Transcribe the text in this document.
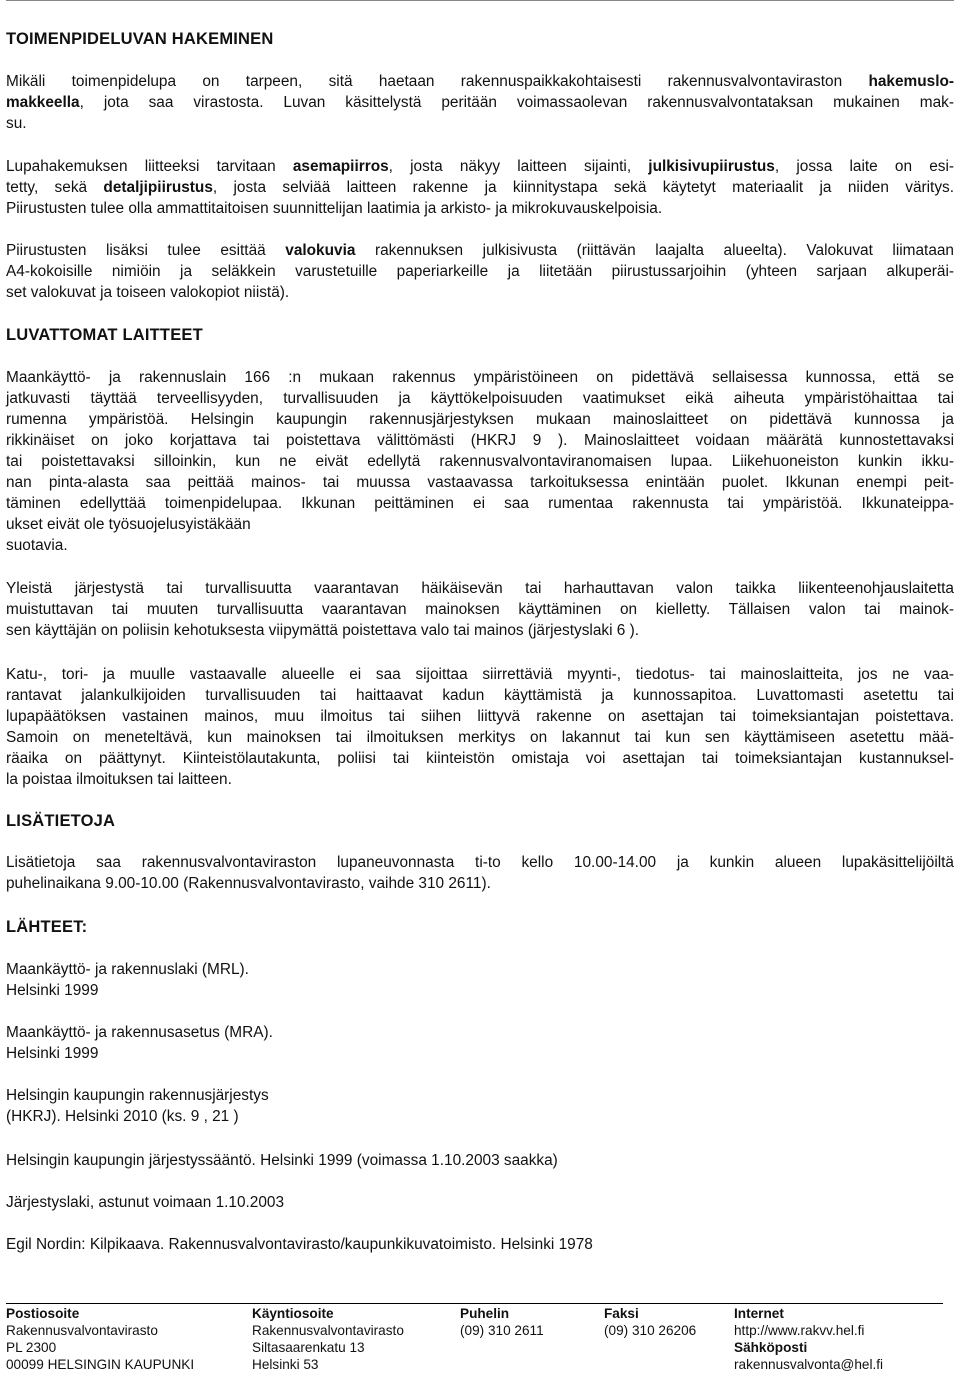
TOIMENPIDELUVAN HAKEMINEN

Mikäli toimenpidelupa on tarpeen, sitä haetaan rakennuspaikkakohtaisesti rakennusvalvontaviraston hakemuslo-
makkeella, jota saa virastosta. Luvan käsittelystä peritään voimassaolevan rakennusvalvontataksan mukainen mak-
su.

Lupahakemuksen liitteeksi tarvitaan asemapiirros, josta näkyy laitteen sijainti, julkisivupiirustus, jossa laite on esi-
tetty, sekä detaljipiirustus, josta selviää laitteen rakenne ja kiinnitystapa sekä käytetyt materiaalit ja niiden väritys.
Piirustusten tulee olla ammattitaitoisen suunnittelijan laatimia ja arkisto- ja mikrokuvauskelpoisia.

Piirustusten lisäksi tulee esittää valokuvia rakennuksen julkisivusta (riittävän laajalta alueelta). Valokuvat liimataan
A4-kokoisille nimiöin ja seläkkein varustetuille paperiarkeille ja liitetään piirustussarjoihin (yhteen sarjaan alkuperäi-
set valokuvat ja toiseen valokopiot niistä).

LUVATTOMAT LAITTEET

Maankäyttö- ja rakennuslain 166 :n mukaan rakennus ympäristöineen on pidettävä sellaisessa kunnossa, että se
jatkuvasti täyttää terveellisyyden, turvallisuuden ja käyttökelpoisuuden vaatimukset eikä aiheuta ympäristöhaittaa tai
rumenna ympäristöä. Helsingin kaupungin rakennusjärjestyksen mukaan mainoslaitteet on pidettävä kunnossa ja
rikkinäiset on joko korjattava tai poistettava välittömästi (HKRJ 9 ). Mainoslaitteet voidaan määrätä kunnostettavaksi
tai poistettavaksi silloinkin, kun ne eivät edellytä rakennusvalvontaviranomaisen lupaa. Liikehuoneiston kunkin ikku-
nan pinta-alasta saa peittää mainos- tai muussa vastaavassa tarkoituksessa enintään puolet. Ikkunan enempi peit-
täminen edellyttää toimenpidelupaa. Ikkunan peittäminen ei saa rumentaa rakennusta tai ympäristöä. Ikkunateippa-
ukset eivät ole työsuojelusyistäkään
suotavia.

Yleistä järjestystä tai turvallisuutta vaarantavan häikäisevän tai harhauttavan valon taikka liikenteenohjauslaitetta
muistuttavan tai muuten turvallisuutta vaarantavan mainoksen käyttäminen on kielletty. Tällaisen valon tai mainok-
sen käyttäjän on poliisin kehotuksesta viipymättä poistettava valo tai mainos (järjestyslaki 6 ).

Katu-, tori- ja muulle vastaavalle alueelle ei saa sijoittaa siirrettäviä myynti-, tiedotus- tai mainoslaitteita, jos ne vaa-
rantavat jalankulkijoiden turvallisuuden tai haittaavat kadun käyttämistä ja kunnossapitoa. Luvattomasti asetettu tai
lupapäätöksen vastainen mainos, muu ilmoitus tai siihen liittyvä rakenne on asettajan tai toimeksiantajan poistettava.
Samoin on meneteltävä, kun mainoksen tai ilmoituksen merkitys on lakannut tai kun sen käyttämiseen asetettu mää-
räaika on päättynyt. Kiinteistölautakunta, poliisi tai kiinteistön omistaja voi asettajan tai toimeksiantajan kustannuksel-
la poistaa ilmoituksen tai laitteen.

LISÄTIETOJA

Lisätietoja saa rakennusvalvontaviraston lupaneuvonnasta ti-to kello 10.00-14.00 ja kunkin alueen lupakäsittelijöiltä
puhelinaikana 9.00-10.00 (Rakennusvalvontavirasto, vaihde 310 2611).

LÄHTEET:

Maankäyttö- ja rakennuslaki (MRL).
Helsinki 1999

Maankäyttö- ja rakennusasetus (MRA).
Helsinki 1999

Helsingin kaupungin rakennusjärjestys
(HKRJ). Helsinki 2010 (ks. 9 , 21 )

Helsingin kaupungin järjestyssääntö. Helsinki 1999 (voimassa 1.10.2003 saakka)

Järjestyslaki, astunut voimaan 1.10.2003

Egil Nordin: Kilpikaava. Rakennusvalvontavirasto/kaupunkikuvatoimisto. Helsinki 1978

Postiosoite
Rakennusvalvontavirasto
PL 2300
00099 HELSINGIN KAUPUNKI
Käyntiosoite
Rakennusvalvontavirasto
Siltasaarenkatu 13
Helsinki 53
Puhelin
(09) 310 2611
Faksi
(09) 310 26206
Internet
http://www.rakvv.hel.fi
Sähköposti
rakennusvalvonta@hel.fi
